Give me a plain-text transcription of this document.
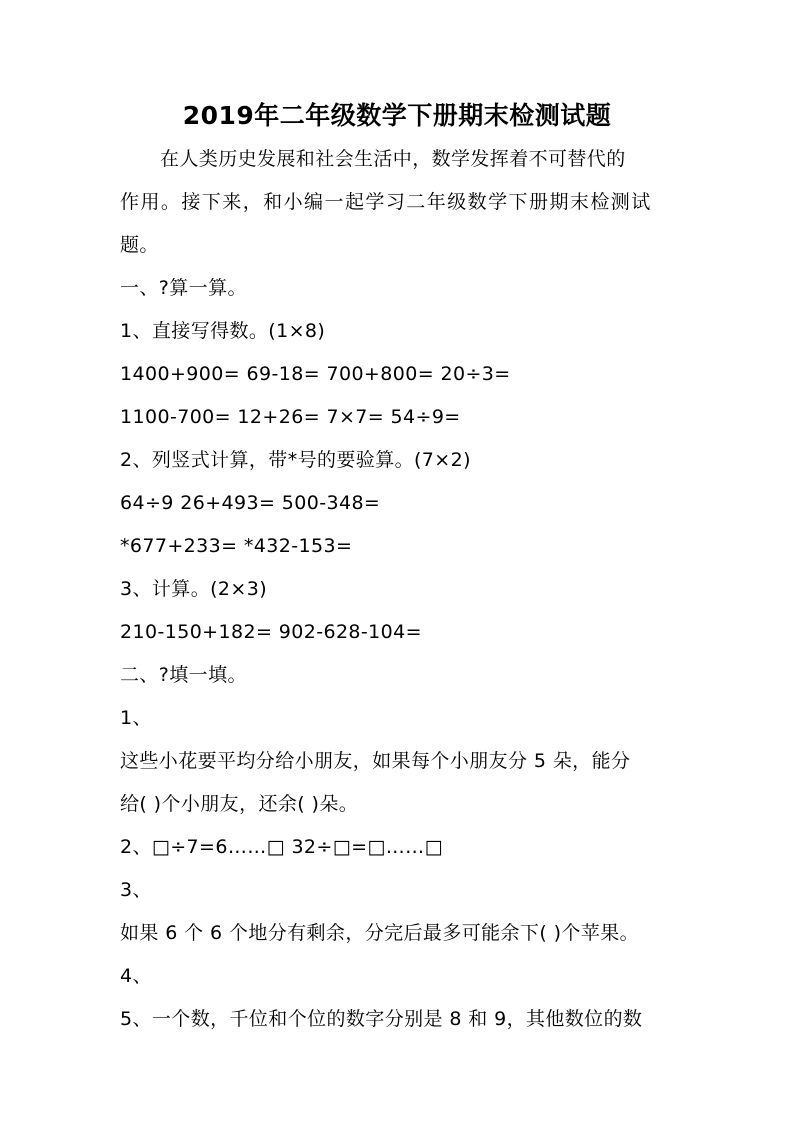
2019年二年级数学下册期末检测试题
在人类历史发展和社会生活中，数学发挥着不可替代的
作用。接下来，和小编一起学习二年级数学下册期末检测试
题。
一、?算一算。
1、直接写得数。(1×8)
1400+900= 69-18= 700+800= 20÷3=
1100-700= 12+26= 7×7= 54÷9=
2、列竖式计算，带*号的要验算。(7×2)
64÷9 26+493= 500-348=
*677+233= *432-153=
3、计算。(2×3)
210-150+182= 902-628-104=
二、?填一填。
1、
这些小花要平均分给小朋友，如果每个小朋友分 5 朵，能分
给( )个小朋友，还余( )朵。
2、□÷7=6……□ 32÷□=□……□
3、
如果 6 个 6 个地分有剩余，分完后最多可能余下( )个苹果。
4、
5、一个数，千位和个位的数字分别是 8 和 9，其他数位的数
